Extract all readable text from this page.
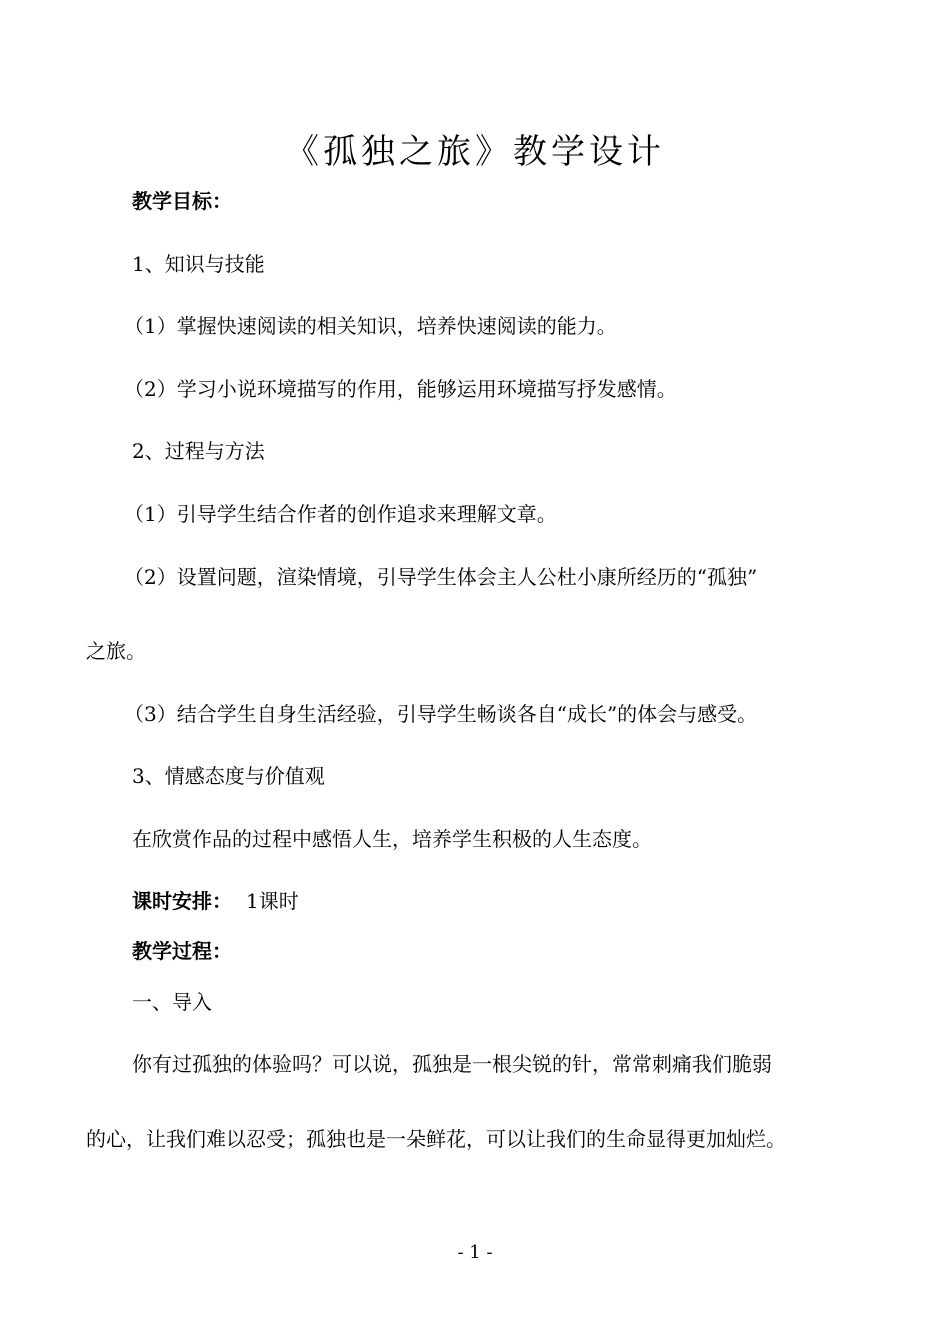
《孤独之旅》教学设计
教学目标：
1、知识与技能
（1）掌握快速阅读的相关知识，培养快速阅读的能力。
（2）学习小说环境描写的作用，能够运用环境描写抒发感情。
2、过程与方法
（1）引导学生结合作者的创作追求来理解文章。
（2）设置问题，渲染情境，引导学生体会主人公杜小康所经历的“孤独”
之旅。
（3）结合学生自身生活经验，引导学生畅谈各自“成长”的体会与感受。
3、情感态度与价值观
在欣赏作品的过程中感悟人生，培养学生积极的人生态度。
课时安排： 1课时
教学过程：
一、导入
你有过孤独的体验吗？可以说，孤独是一根尖锐的针，常常刺痛我们脆弱
的心，让我们难以忍受；孤独也是一朵鲜花，可以让我们的生命显得更加灿烂。
- 1 -
